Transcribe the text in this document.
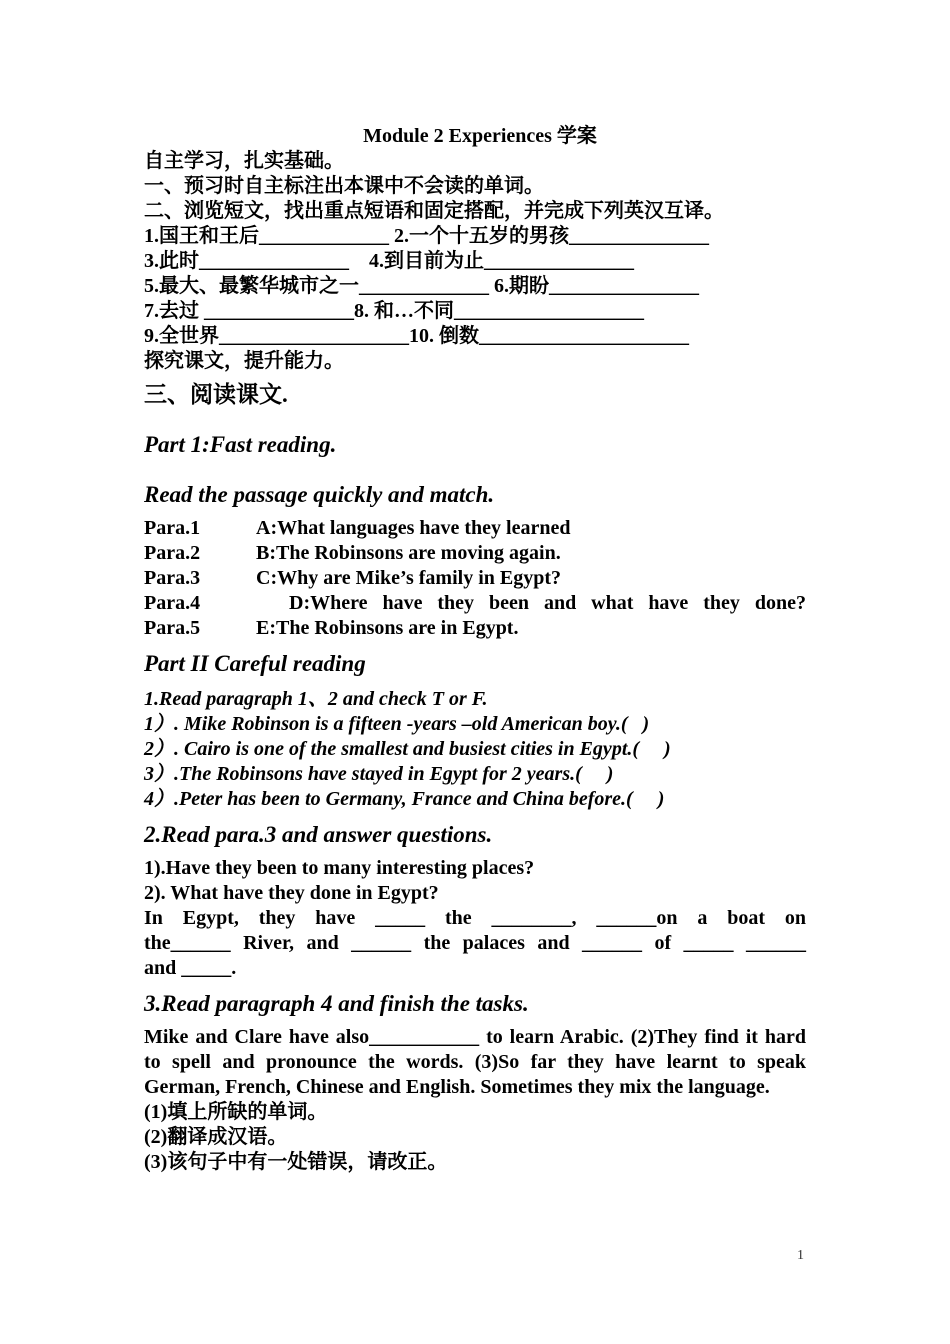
Module 2 Experiences 学案
自主学习，扎实基础。
一、预习时自主标注出本课中不会读的单词。
二、浏览短文，找出重点短语和固定搭配，并完成下列英汉互译。
1.国王和王后_____________ 2.一个十五岁的男孩______________
3.此时_______________    4.到目前为止_______________
5.最大、最繁华城市之一_____________ 6.期盼_______________
7.去过 _______________8. 和…不同___________________
9.全世界___________________10. 倒数_____________________
探究课文，提升能力。
三、阅读课文.
Part 1:Fast reading.
Read the passage quickly and match.
Para.1	A:What languages have they learned
Para.2	B:The Robinsons are moving again.
Para.3	C:Why are Mike’s family in Egypt?
Para.4	D:Where have they been and what have they done?
Para.5	E:The Robinsons are in Egypt.
Part II Careful reading
1.Read paragraph 1、2 and check T or F.
1）. Mike Robinson is a fifteen -years –old American boy.(   )
2）. Cairo is one of the smallest and busiest cities in Egypt.(     )
3）.The Robinsons have stayed in Egypt for 2 years.(     )
4）.Peter has been to Germany, France and China before.(     )
2.Read para.3 and answer questions.
1).Have they been to many interesting places?
2). What have they done in Egypt?
In Egypt, they have _____ the ________, ______on a boat on
the______ River, and ______ the palaces and ______ of _____ ______
and _____.
3.Read paragraph 4 and finish the tasks.
Mike and Clare have also___________ to learn Arabic. (2)They find it hard to spell and pronounce the words. (3)So far they have learnt to speak German, French, Chinese and English. Sometimes they mix the language.
(1)填上所缺的单词。
(2)翻译成汉语。
(3)该句子中有一处错误，请改正。
1
